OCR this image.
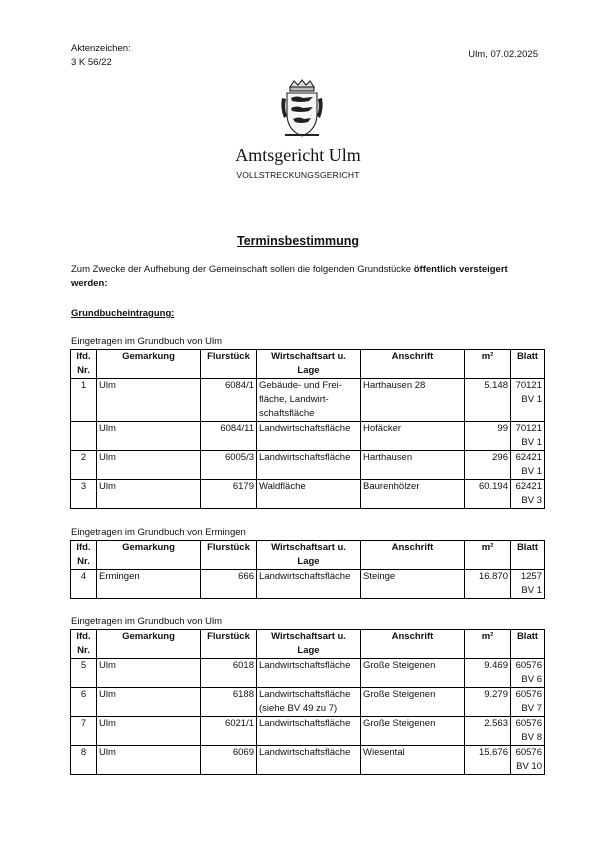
Aktenzeichen:
3 K 56/22
Ulm, 07.02.2025
Amtsgericht Ulm
VOLLSTRECKUNGSGERICHT
Terminsbestimmung
Zum Zwecke der Aufhebung der Gemeinschaft sollen die folgenden Grundstücke öffentlich versteigert werden:
Grundbucheintragung:
Eingetragen im Grundbuch von Ulm
lfd. Nr.	Gemarkung	Flurstück	Wirtschaftsart u. Lage	Anschrift	m²	Blatt
1	Ulm	6084/1	Gebäude- und Freifläche, Landwirtschaftsfläche	Harthausen 28	5.148	70121
BV 1

	Ulm	6084/11	Landwirtschaftsfläche	Hofäcker	99	70121
BV 1

2	Ulm	6005/3	Landwirtschaftsfläche	Harthausen	296	62421
BV 1

3	Ulm	6179	Waldfläche	Baurenhölzer	60.194	62421
BV 3
Eingetragen im Grundbuch von Ermingen
lfd. Nr.	Gemarkung	Flurstück	Wirtschaftsart u. Lage	Anschrift	m²	Blatt
4	Ermingen	666	Landwirtschaftsfläche	Steinge	16.870	1257
BV 1
Eingetragen im Grundbuch von Ulm
lfd. Nr.	Gemarkung	Flurstück	Wirtschaftsart u. Lage	Anschrift	m²	Blatt
5	Ulm	6018	Landwirtschaftsfläche	Große Steigenen	9.469	60576
BV 6

6	Ulm	6188	Landwirtschaftsfläche (siehe BV 49 zu 7)	Große Steigenen	9.279	60576
BV 7

7	Ulm	6021/1	Landwirtschaftsfläche	Große Steigenen	2.563	60576
BV 8

8	Ulm	6069	Landwirtschaftsfläche	Wiesental	15.676	60576
BV 10
